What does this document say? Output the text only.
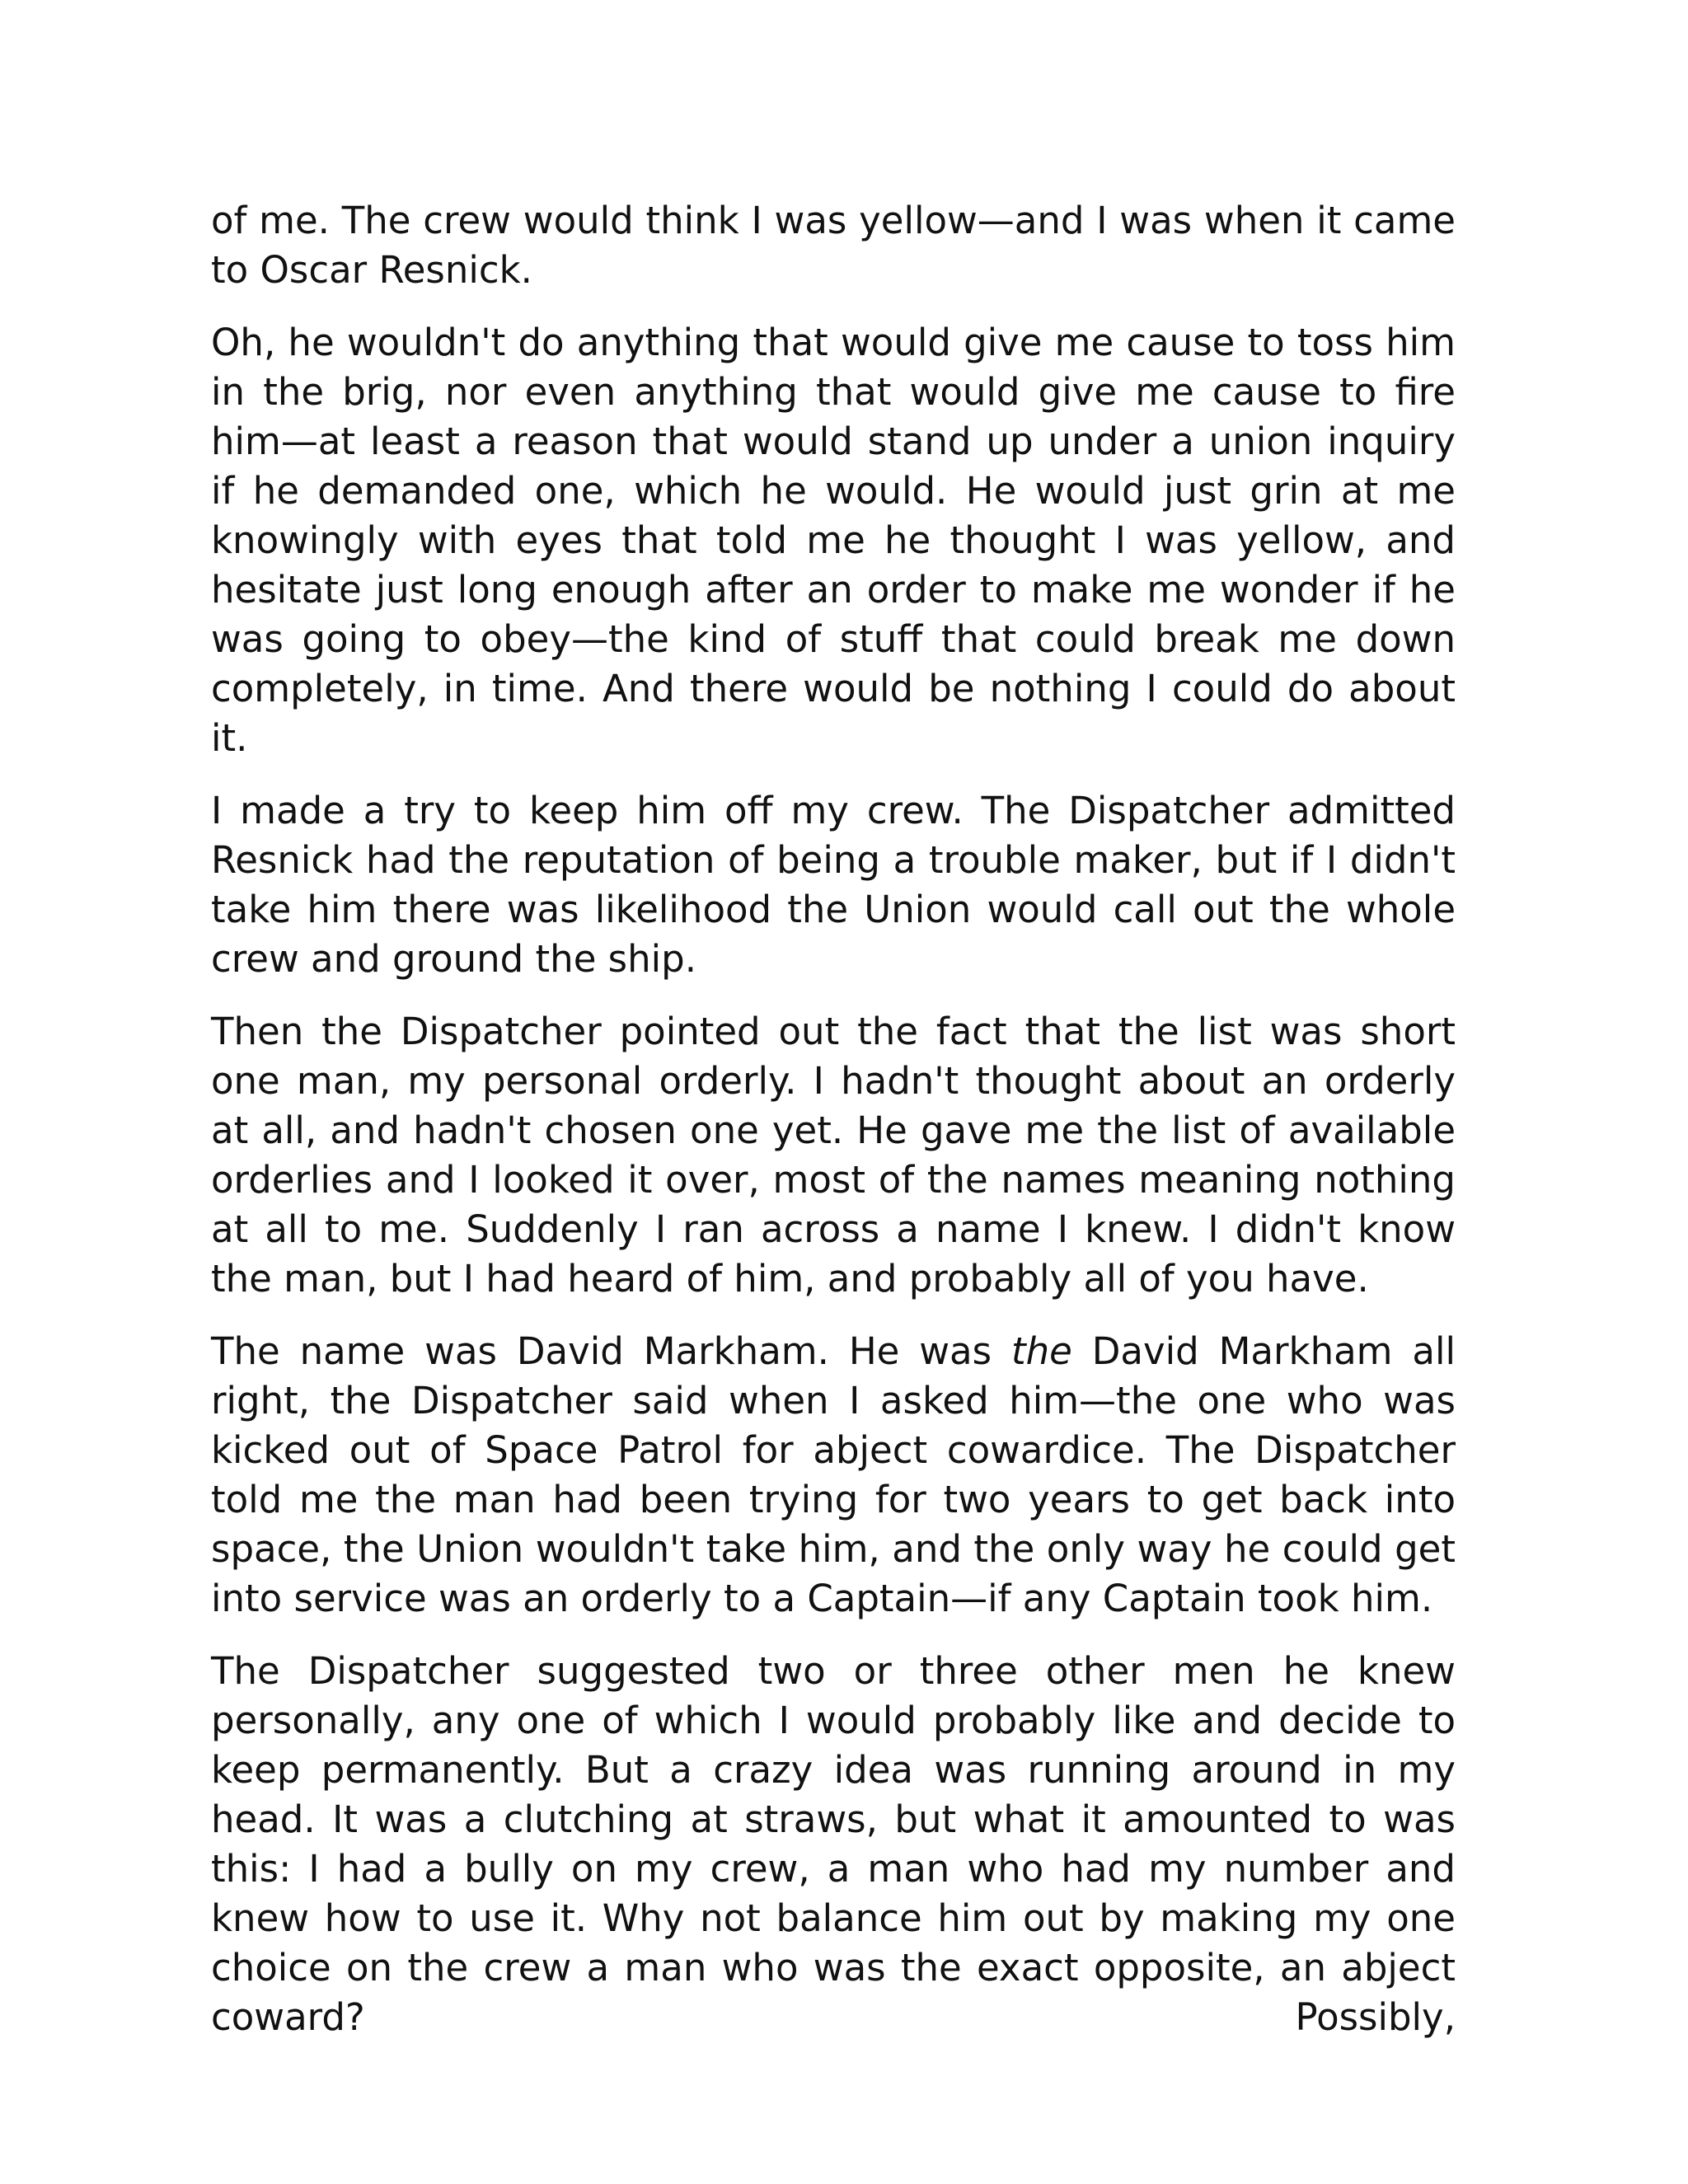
of me. The crew would think I was yellow—and I was when it came to Oscar Resnick.

Oh, he wouldn't do anything that would give me cause to toss him in the brig, nor even anything that would give me cause to fire him—at least a reason that would stand up under a union inquiry if he demanded one, which he would. He would just grin at me knowingly with eyes that told me he thought I was yellow, and hesitate just long enough after an order to make me wonder if he was going to obey—the kind of stuff that could break me down completely, in time. And there would be nothing I could do about it.

I made a try to keep him off my crew. The Dispatcher admitted Resnick had the reputation of being a trouble maker, but if I didn't take him there was likelihood the Union would call out the whole crew and ground the ship.

Then the Dispatcher pointed out the fact that the list was short one man, my personal orderly. I hadn't thought about an orderly at all, and hadn't chosen one yet. He gave me the list of available orderlies and I looked it over, most of the names meaning nothing at all to me. Suddenly I ran across a name I knew. I didn't know the man, but I had heard of him, and probably all of you have.

The name was David Markham. He was the David Markham all right, the Dispatcher said when I asked him—the one who was kicked out of Space Patrol for abject cowardice. The Dispatcher told me the man had been trying for two years to get back into space, the Union wouldn't take him, and the only way he could get into service was an orderly to a Captain—if any Captain took him.

The Dispatcher suggested two or three other men he knew personally, any one of which I would probably like and decide to keep permanently. But a crazy idea was running around in my head. It was a clutching at straws, but what it amounted to was this: I had a bully on my crew, a man who had my number and knew how to use it. Why not balance him out by making my one choice on the crew a man who was the exact opposite, an abject coward? Possibly,
